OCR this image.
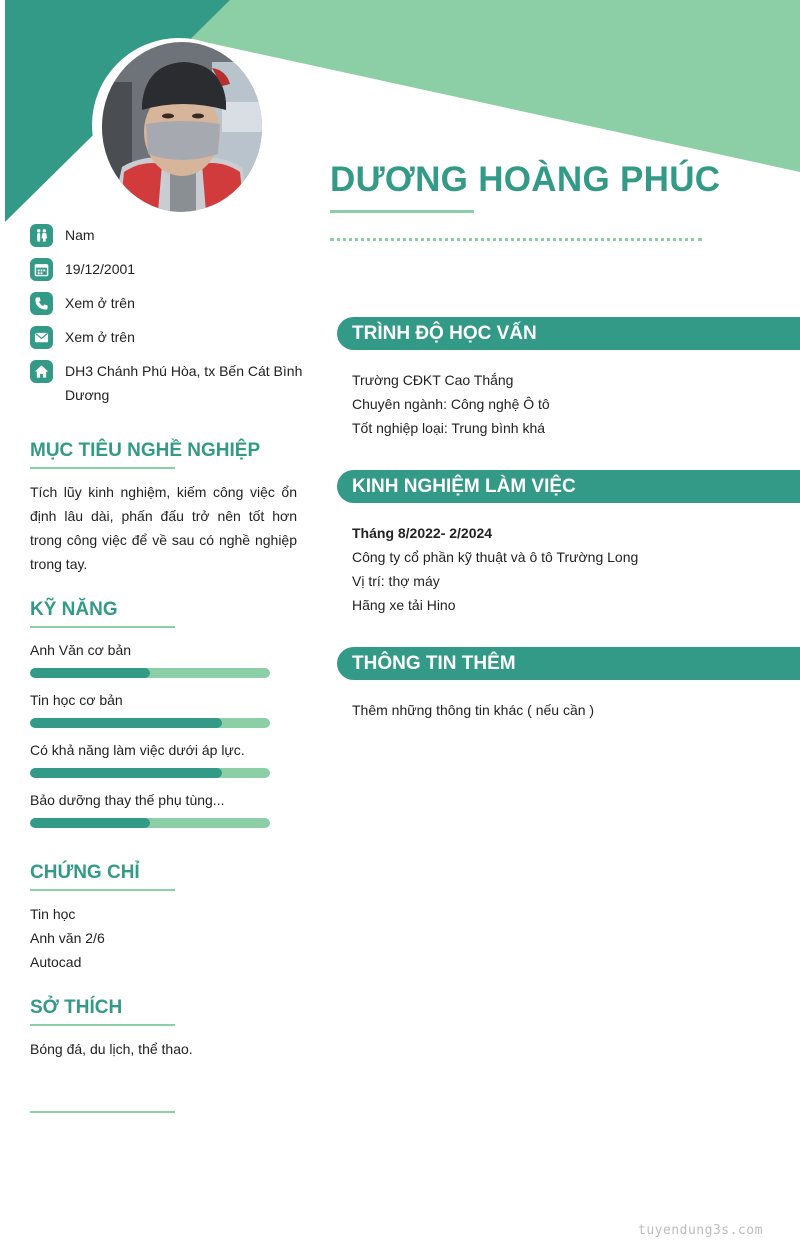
DƯƠNG HOÀNG PHÚC
Nam
19/12/2001
Xem ở trên
Xem ở trên
DH3 Chánh Phú Hòa, tx Bến Cát Bình Dương
MỤC TIÊU NGHỀ NGHIỆP

Tích lũy kinh nghiệm, kiếm công việc ổn định lâu dài, phấn đấu trở nên tốt hơn trong công việc để về sau có nghề nghiệp trong tay.

KỸ NĂNG
Anh Văn cơ bản
Tin học cơ bản
Có khả năng làm việc dưới áp lực.
Bảo dưỡng thay thế phụ tùng...
CHỨNG CHỈ
Tin học
Anh văn 2/6
Autocad
SỞ THÍCH
Bóng đá, du lịch, thể thao.
TRÌNH ĐỘ HỌC VẤN
Trường CĐKT Cao Thắng
Chuyên ngành: Công nghệ Ô tô
Tốt nghiệp loại: Trung bình khá
KINH NGHIỆM LÀM VIỆC
Tháng 8/2022- 2/2024
Công ty cổ phần kỹ thuật và ô tô Trường Long
Vị trí: thợ máy
Hãng xe tải Hino
THÔNG TIN THÊM
Thêm những thông tin khác ( nếu cần )
tuyendung3s.com
